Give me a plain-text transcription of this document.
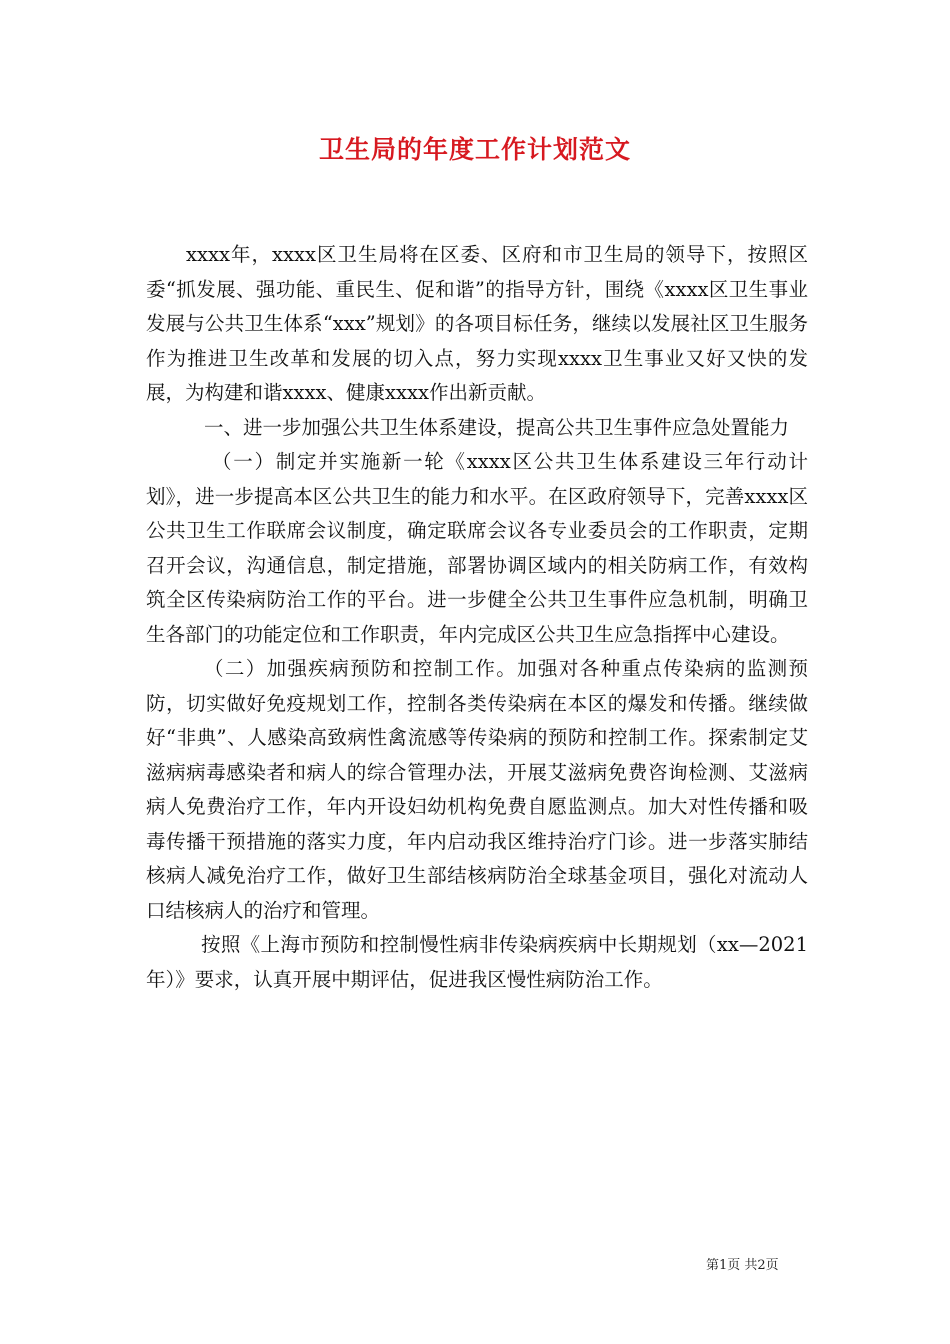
卫生局的年度工作计划范文

xxxx年，xxxx区卫生局将在区委、区府和市卫生局的领导下，按照区委“抓发展、强功能、重民生、促和谐”的指导方针，围绕《xxxx区卫生事业发展与公共卫生体系“xxx”规划》的各项目标任务，继续以发展社区卫生服务作为推进卫生改革和发展的切入点，努力实现xxxx卫生事业又好又快的发展，为构建和谐xxxx、健康xxxx作出新贡献。

一、进一步加强公共卫生体系建设，提高公共卫生事件应急处置能力

（一）制定并实施新一轮《xxxx区公共卫生体系建设三年行动计划》，进一步提高本区公共卫生的能力和水平。在区政府领导下，完善xxxx区公共卫生工作联席会议制度，确定联席会议各专业委员会的工作职责，定期召开会议，沟通信息，制定措施，部署协调区域内的相关防病工作，有效构筑全区传染病防治工作的平台。进一步健全公共卫生事件应急机制，明确卫生各部门的功能定位和工作职责，年内完成区公共卫生应急指挥中心建设。

（二）加强疾病预防和控制工作。加强对各种重点传染病的监测预防，切实做好免疫规划工作，控制各类传染病在本区的爆发和传播。继续做好“非典”、人感染高致病性禽流感等传染病的预防和控制工作。探索制定艾滋病病毒感染者和病人的综合管理办法，开展艾滋病免费咨询检测、艾滋病病人免费治疗工作，年内开设妇幼机构免费自愿监测点。加大对性传播和吸毒传播干预措施的落实力度，年内启动我区维持治疗门诊。进一步落实肺结核病人减免治疗工作，做好卫生部结核病防治全球基金项目，强化对流动人口结核病人的治疗和管理。

按照《上海市预防和控制慢性病非传染病疾病中长期规划（xx—2021年）》要求，认真开展中期评估，促进我区慢性病防治工作。

第1页 共2页
